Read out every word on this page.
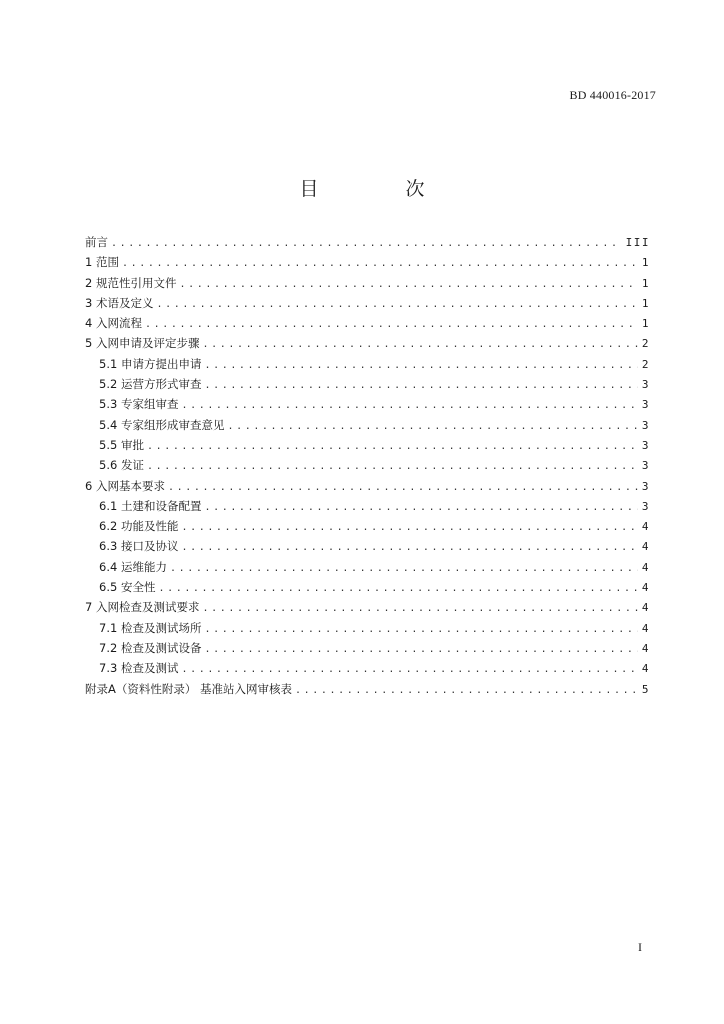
BD 440016-2017
目　次
前言 .....	III
1 范围 .....	1
2 规范性引用文件 .....	1
3 术语及定义 .....	1
4 入网流程 .....	1
5 入网申请及评定步骤 .....	2
5.1 申请方提出申请 .....	2
5.2 运营方形式审查 .....	3
5.3 专家组审查 .....	3
5.4 专家组形成审查意见 .....	3
5.5 审批 .....	3
5.6 发证 .....	3
6 入网基本要求 .....	3
6.1 土建和设备配置 .....	3
6.2 功能及性能 .....	4
6.3 接口及协议 .....	4
6.4 运维能力 .....	4
6.5 安全性 .....	4
7 入网检查及测试要求 .....	4
7.1 检查及测试场所 .....	4
7.2 检查及测试设备 .....	4
7.3 检查及测试 .....	4
附录A（资料性附录） 基准站入网审核表 .....	5
I
